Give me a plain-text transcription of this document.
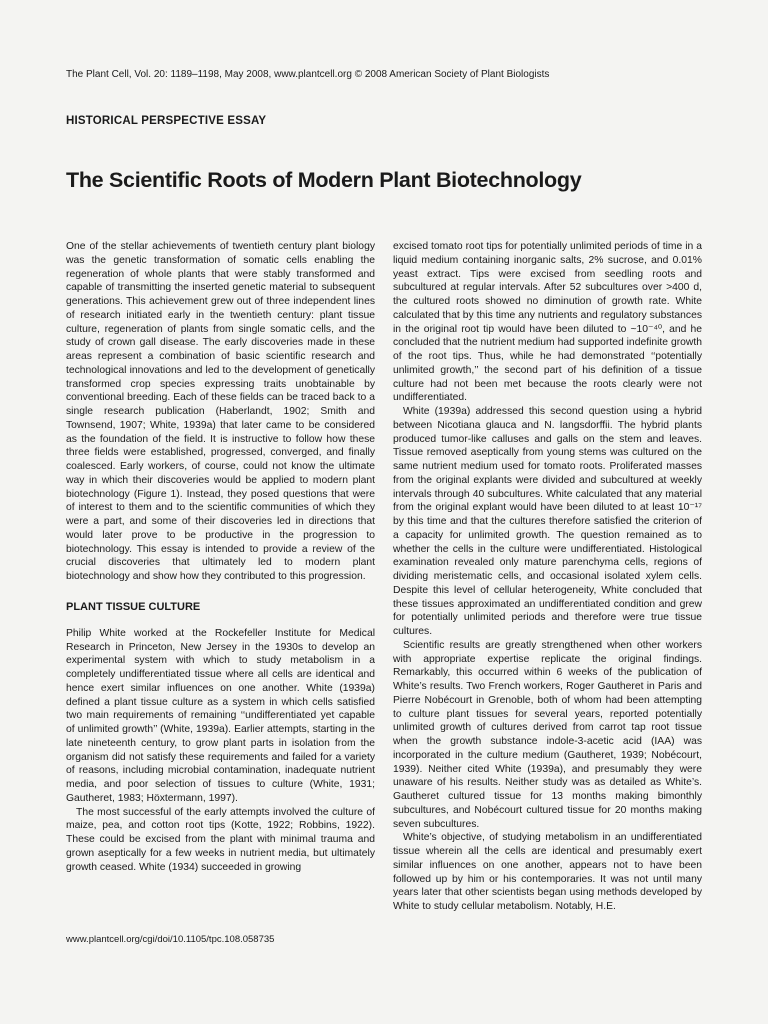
The Plant Cell, Vol. 20: 1189–1198, May 2008, www.plantcell.org © 2008 American Society of Plant Biologists
HISTORICAL PERSPECTIVE ESSAY
The Scientific Roots of Modern Plant Biotechnology

One of the stellar achievements of twentieth century plant biology was the genetic transformation of somatic cells enabling the regeneration of whole plants that were stably transformed and capable of transmitting the inserted genetic material to subsequent generations. This achievement grew out of three independent lines of research initiated early in the twentieth century: plant tissue culture, regeneration of plants from single somatic cells, and the study of crown gall disease. The early discoveries made in these areas represent a combination of basic scientific research and technological innovations and led to the development of genetically transformed crop species expressing traits unobtainable by conventional breeding. Each of these fields can be traced back to a single research publication (Haberlandt, 1902; Smith and Townsend, 1907; White, 1939a) that later came to be considered as the foundation of the field. It is instructive to follow how these three fields were established, progressed, converged, and finally coalesced. Early workers, of course, could not know the ultimate way in which their discoveries would be applied to modern plant biotechnology (Figure 1). Instead, they posed questions that were of interest to them and to the scientific communities of which they were a part, and some of their discoveries led in directions that would later prove to be productive in the progression to biotechnology. This essay is intended to provide a review of the crucial discoveries that ultimately led to modern plant biotechnology and show how they contributed to this progression.

PLANT TISSUE CULTURE

Philip White worked at the Rockefeller Institute for Medical Research in Princeton, New Jersey in the 1930s to develop an experimental system with which to study metabolism in a completely undifferentiated tissue where all cells are identical and hence exert similar influences on one another. White (1939a) defined a plant tissue culture as a system in which cells satisfied two main requirements of remaining ‘‘undifferentiated yet capable of unlimited growth’’ (White, 1939a). Earlier attempts, starting in the late nineteenth century, to grow plant parts in isolation from the organism did not satisfy these requirements and failed for a variety of reasons, including microbial contamination, inadequate nutrient media, and poor selection of tissues to culture (White, 1931; Gautheret, 1983; Höxtermann, 1997).

The most successful of the early attempts involved the culture of maize, pea, and cotton root tips (Kotte, 1922; Robbins, 1922). These could be excised from the plant with minimal trauma and grown aseptically for a few weeks in nutrient media, but ultimately growth ceased. White (1934) succeeded in growing

excised tomato root tips for potentially unlimited periods of time in a liquid medium containing inorganic salts, 2% sucrose, and 0.01% yeast extract. Tips were excised from seedling roots and subcultured at regular intervals. After 52 subcultures over >400 d, the cultured roots showed no diminution of growth rate. White calculated that by this time any nutrients and regulatory substances in the original root tip would have been diluted to ~10⁻⁴⁰, and he concluded that the nutrient medium had supported indefinite growth of the root tips. Thus, while he had demonstrated ‘‘potentially unlimited growth,’’ the second part of his definition of a tissue culture had not been met because the roots clearly were not undifferentiated.

White (1939a) addressed this second question using a hybrid between Nicotiana glauca and N. langsdorffii. The hybrid plants produced tumor-like calluses and galls on the stem and leaves. Tissue removed aseptically from young stems was cultured on the same nutrient medium used for tomato roots. Proliferated masses from the original explants were divided and subcultured at weekly intervals through 40 subcultures. White calculated that any material from the original explant would have been diluted to at least 10⁻¹⁷ by this time and that the cultures therefore satisfied the criterion of a capacity for unlimited growth. The question remained as to whether the cells in the culture were undifferentiated. Histological examination revealed only mature parenchyma cells, regions of dividing meristematic cells, and occasional isolated xylem cells. Despite this level of cellular heterogeneity, White concluded that these tissues approximated an undifferentiated condition and grew for potentially unlimited periods and therefore were true tissue cultures.

Scientific results are greatly strengthened when other workers with appropriate expertise replicate the original findings. Remarkably, this occurred within 6 weeks of the publication of White’s results. Two French workers, Roger Gautheret in Paris and Pierre Nobécourt in Grenoble, both of whom had been attempting to culture plant tissues for several years, reported potentially unlimited growth of cultures derived from carrot tap root tissue when the growth substance indole-3-acetic acid (IAA) was incorporated in the culture medium (Gautheret, 1939; Nobécourt, 1939). Neither cited White (1939a), and presumably they were unaware of his results. Neither study was as detailed as White’s. Gautheret cultured tissue for 13 months making bimonthly subcultures, and Nobécourt cultured tissue for 20 months making seven subcultures.

White’s objective, of studying metabolism in an undifferentiated tissue wherein all the cells are identical and presumably exert similar influences on one another, appears not to have been followed up by him or his contemporaries. It was not until many years later that other scientists began using methods developed by White to study cellular metabolism. Notably, H.E.

www.plantcell.org/cgi/doi/10.1105/tpc.108.058735
